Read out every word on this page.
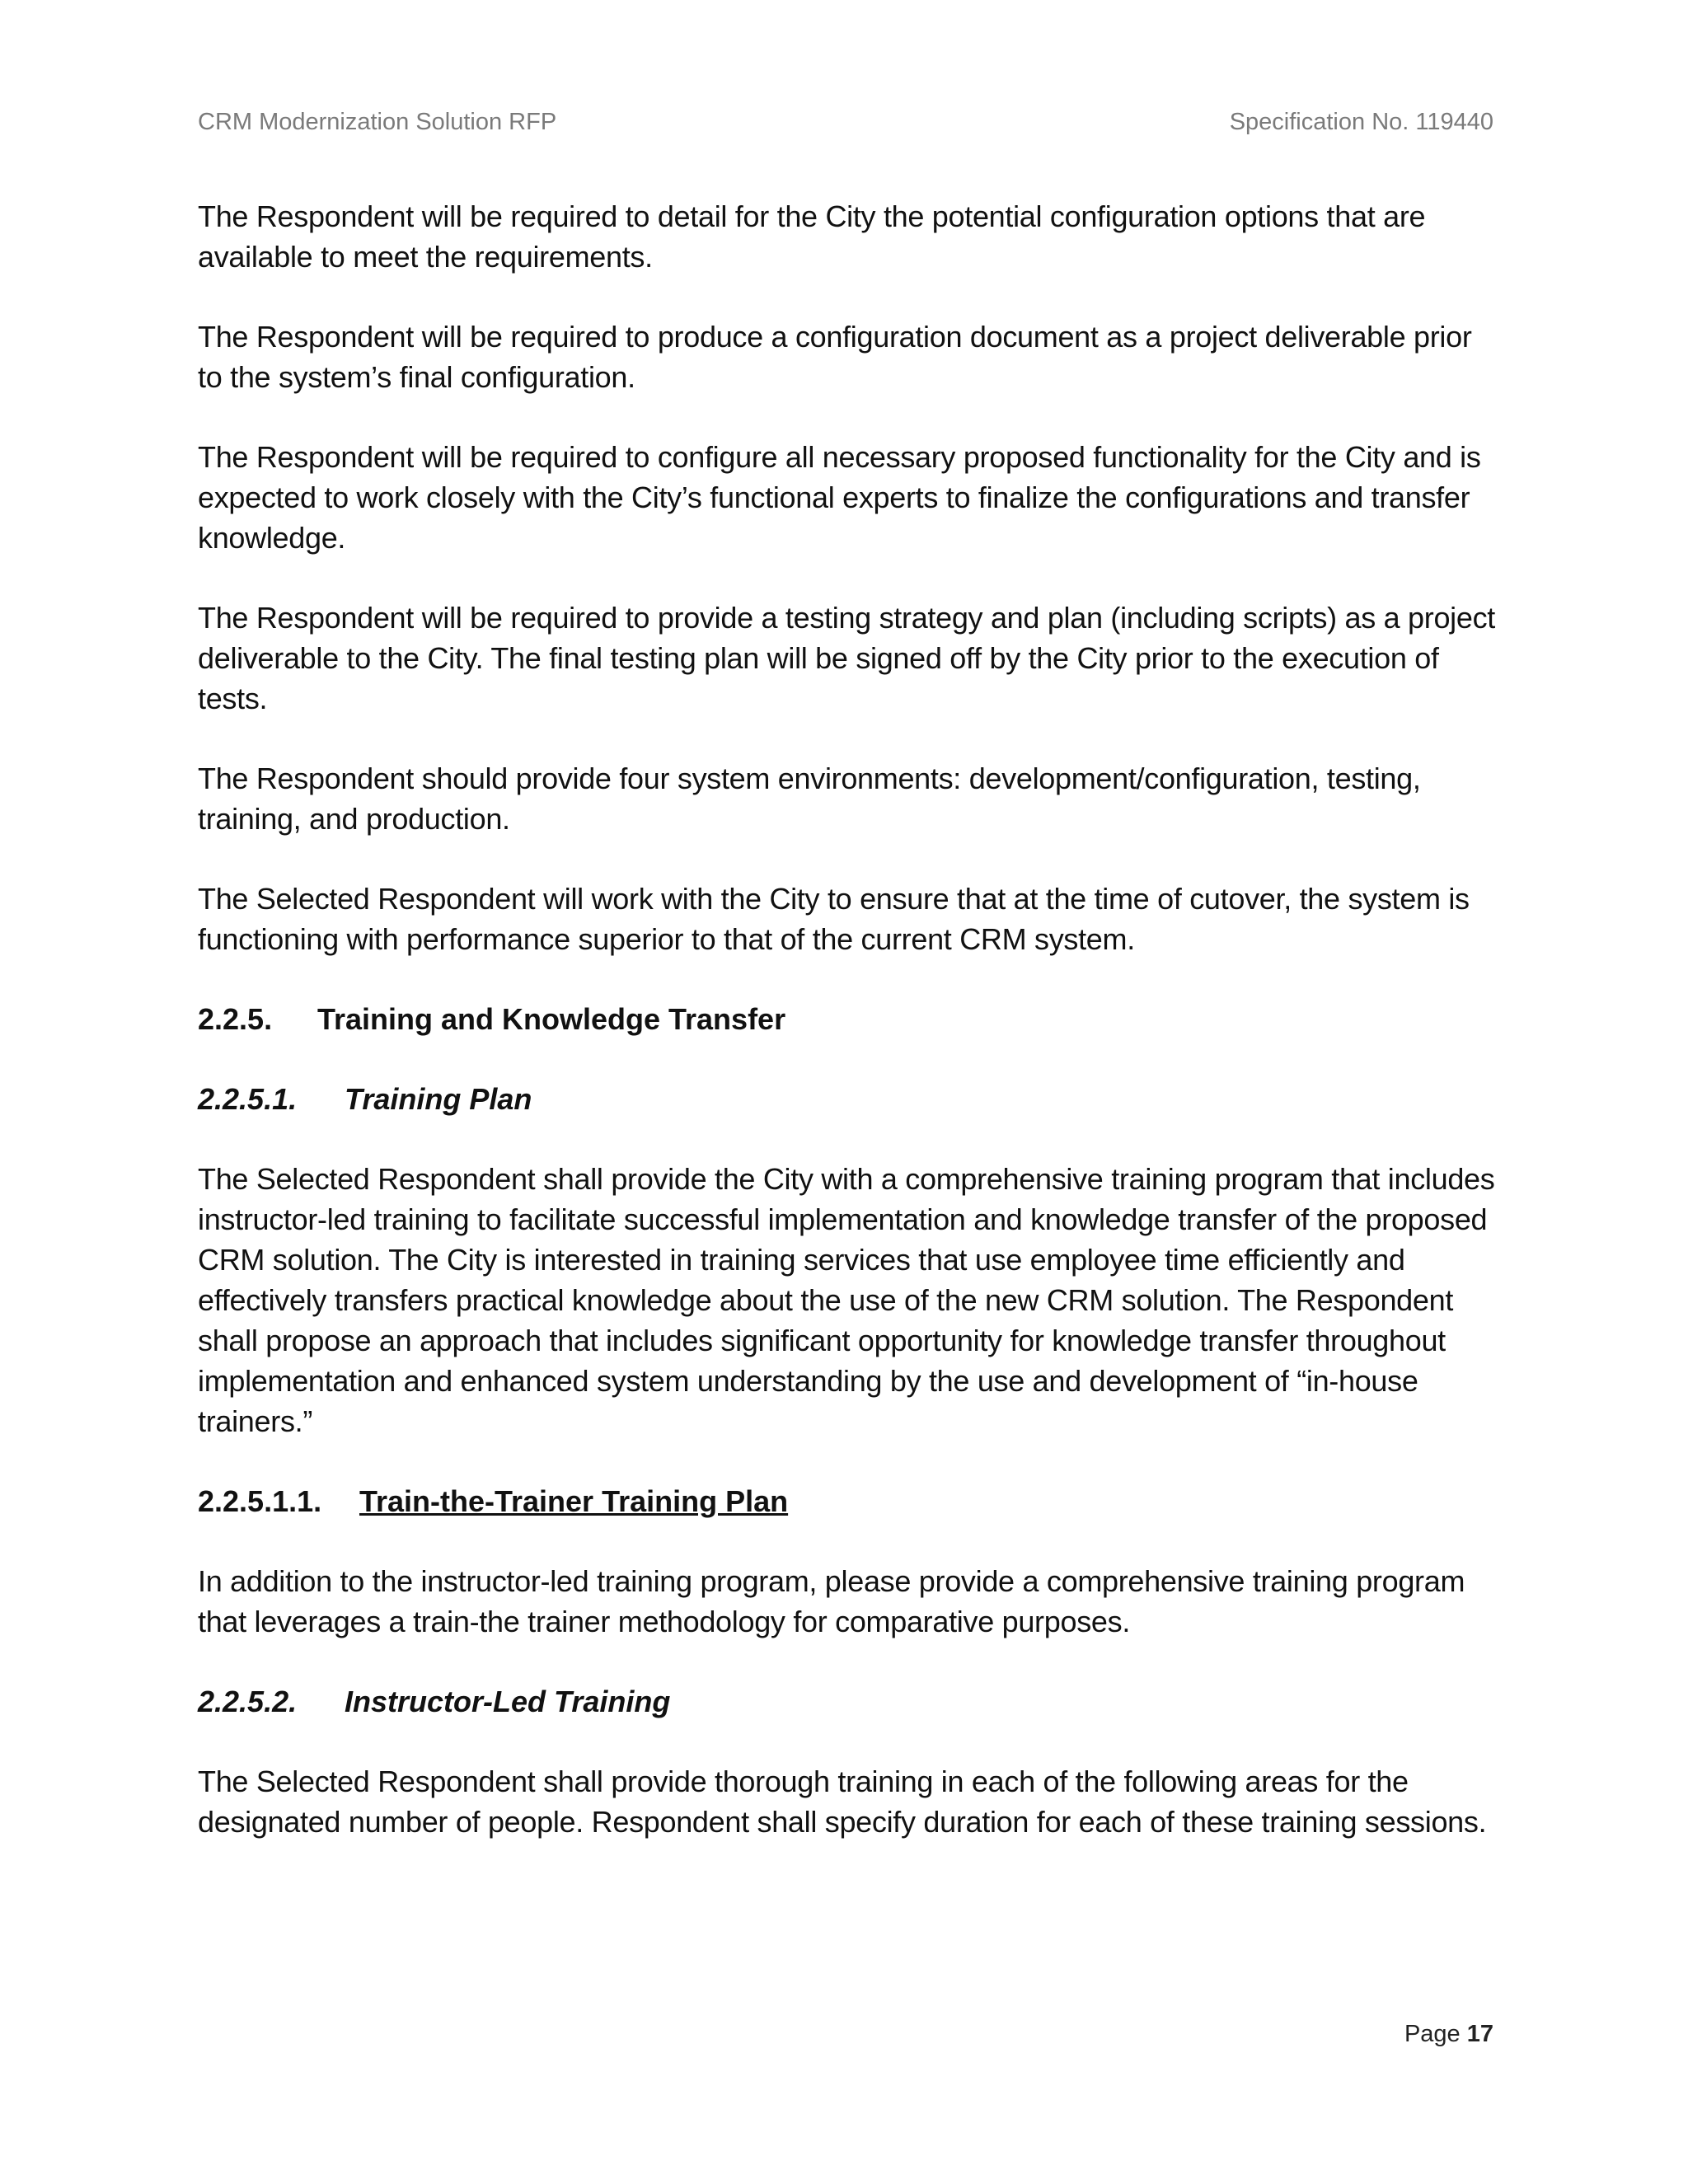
CRM Modernization Solution RFP	Specification No. 119440

The Respondent will be required to detail for the City the potential configuration options that are available to meet the requirements.

The Respondent will be required to produce a configuration document as a project deliverable prior to the system’s final configuration.

The Respondent will be required to configure all necessary proposed functionality for the City and is expected to work closely with the City’s functional experts to finalize the configurations and transfer knowledge.

The Respondent will be required to provide a testing strategy and plan (including scripts) as a project deliverable to the City. The final testing plan will be signed off by the City prior to the execution of tests.

The Respondent should provide four system environments: development/configuration, testing, training, and production.

The Selected Respondent will work with the City to ensure that at the time of cutover, the system is functioning with performance superior to that of the current CRM system.

2.2.5. Training and Knowledge Transfer
2.2.5.1. Training Plan

The Selected Respondent shall provide the City with a comprehensive training program that includes instructor-led training to facilitate successful implementation and knowledge transfer of the proposed CRM solution. The City is interested in training services that use employee time efficiently and effectively transfers practical knowledge about the use of the new CRM solution. The Respondent shall propose an approach that includes significant opportunity for knowledge transfer throughout implementation and enhanced system understanding by the use and development of “in-house trainers.”

2.2.5.1.1. Train-the-Trainer Training Plan

In addition to the instructor-led training program, please provide a comprehensive training program that leverages a train-the trainer methodology for comparative purposes.

2.2.5.2. Instructor-Led Training

The Selected Respondent shall provide thorough training in each of the following areas for the designated number of people. Respondent shall specify duration for each of these training sessions.

Page 17
